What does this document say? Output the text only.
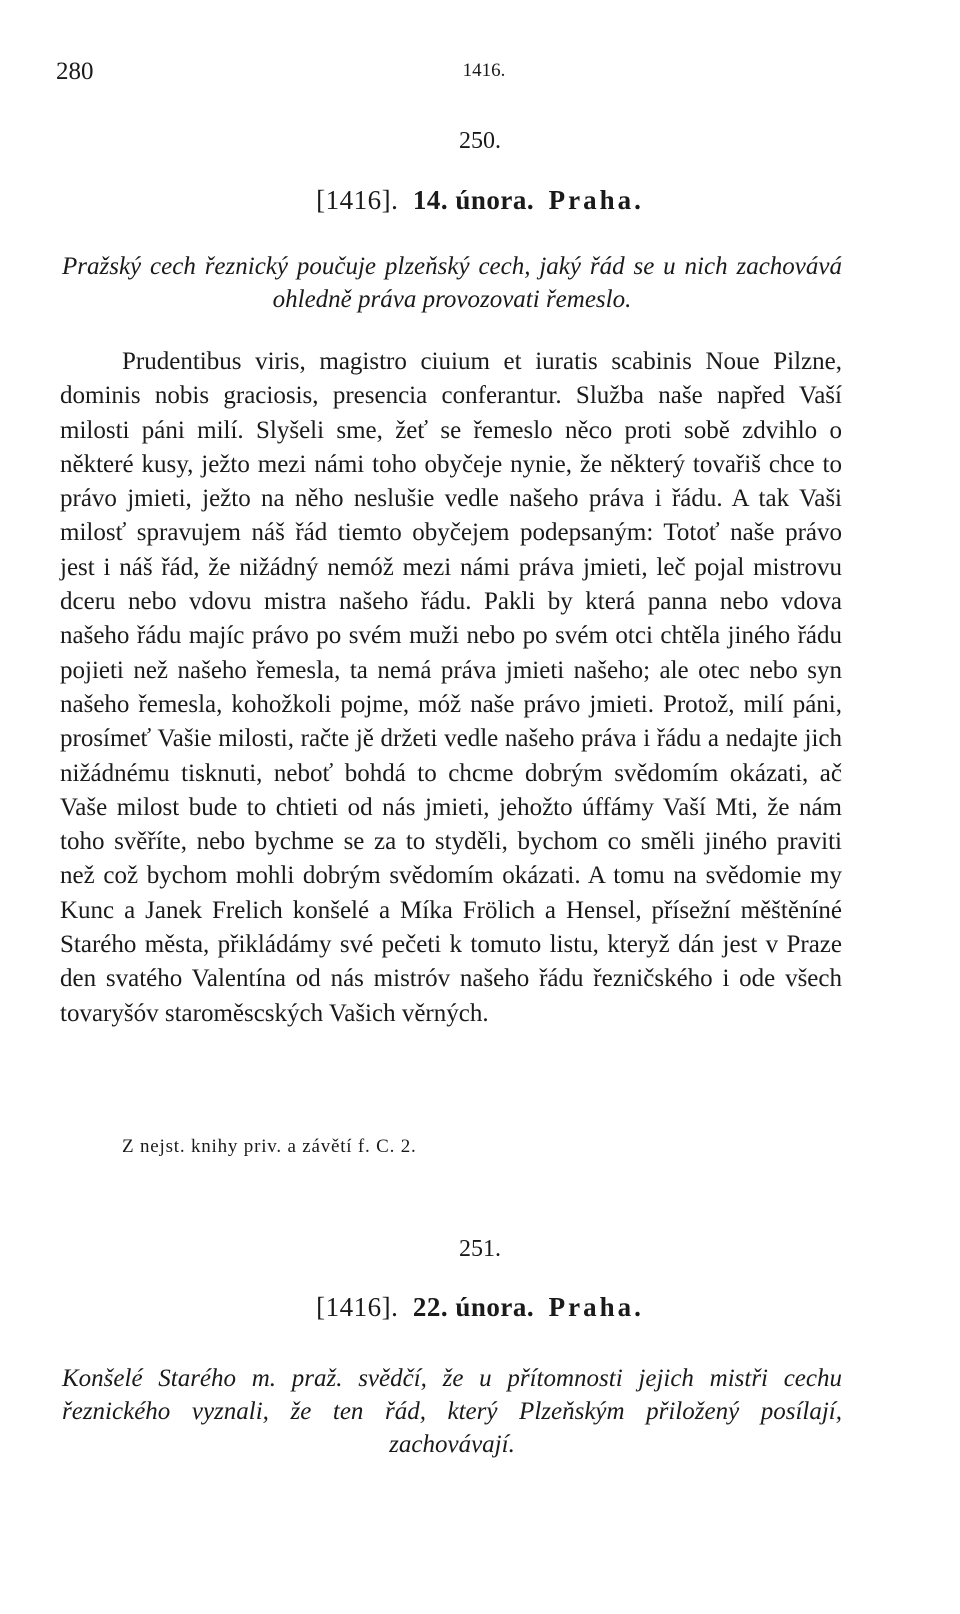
280	1416.
250.
[1416]. 14. února. Praha.
Pražský cech řeznický poučuje plzeňský cech, jaký řád se u nich zachovává ohledně práva provozovati řemeslo.

Prudentibus viris, magistro ciuium et iuratis scabinis Noue Pilzne, dominis nobis graciosis, presencia conferantur. Služba naše napřed Vaší milosti páni milí. Slyšeli sme, žeť se řemeslo něco proti sobě zdvihlo o některé kusy, ježto mezi námi toho obyčeje nynie, že některý tovařiš chce to právo jmieti, ježto na něho neslušie vedle našeho práva i řádu. A tak Vaši milosť spravujem náš řád tiemto obyčejem podepsaným: Totoť naše právo jest i náš řád, že nižádný nemóž mezi námi práva jmieti, leč pojal mistrovu dceru nebo vdovu mistra našeho řádu. Pakli by která panna nebo vdova našeho řádu majíc právo po svém muži nebo po svém otci chtěla jiného řádu pojieti než našeho řemesla, ta nemá práva jmieti našeho; ale otec nebo syn našeho řemesla, kohožkoli pojme, móž naše právo jmieti. Protož, milí páni, prosímeť Vašie milosti, račte jě držeti vedle našeho práva i řádu a nedajte jich nižádnému tisknuti, neboť bohdá to chcme dobrým svědomím okázati, ač Vaše milost bude to chtieti od nás jmieti, jehožto úffámy Vaší Mti, že nám toho svěříte, nebo bychme se za to styděli, bychom co směli jiného praviti než což bychom mohli dobrým svědomím okázati. A tomu na svědomie my Kunc a Janek Frelich konšelé a Míka Frölich a Hensel, přísežní měštěníné Starého města, přikládámy své pečeti k tomuto listu, kteryž dán jest v Praze den svatého Valentína od nás mistróv našeho řádu řezničského i ode všech tovaryšóv staroměscských Vašich věrných.

Z nejst. knihy priv. a závětí f. C. 2.
251.
[1416]. 22. února. Praha.
Konšelé Starého m. praž. svědčí, že u přítomnosti jejich mistři cechu řeznického vyznali, že ten řád, který Plzeňským přiložený posílají, zachovávají.
